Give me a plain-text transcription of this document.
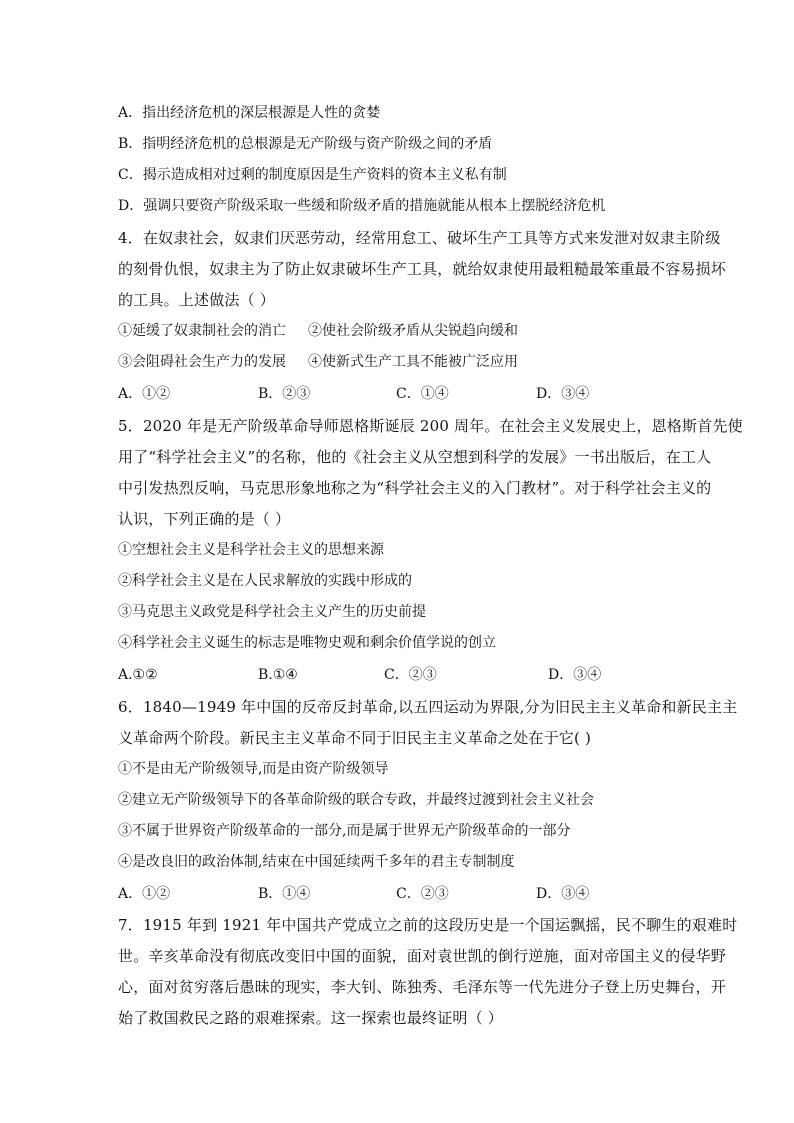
A．指出经济危机的深层根源是人性的贪婪
B．指明经济危机的总根源是无产阶级与资产阶级之间的矛盾
C．揭示造成相对过剩的制度原因是生产资料的资本主义私有制
D．强调只要资产阶级采取一些缓和阶级矛盾的措施就能从根本上摆脱经济危机
4．在奴隶社会，奴隶们厌恶劳动，经常用怠工、破坏生产工具等方式来发泄对奴隶主阶级
的刻骨仇恨，奴隶主为了防止奴隶破坏生产工具，就给奴隶使用最粗糙最笨重最不容易损坏
的工具。上述做法（ ）
①延缓了奴隶制社会的消亡 ②使社会阶级矛盾从尖锐趋向缓和
③会阻碍社会生产力的发展 ④使新式生产工具不能被广泛应用
A．①②	B．②③	C．①④	D．③④
5．2020 年是无产阶级革命导师恩格斯诞辰 200 周年。在社会主义发展史上，恩格斯首先使
用了“科学社会主义”的名称，他的《社会主义从空想到科学的发展》一书出版后，在工人
中引发热烈反响，马克思形象地称之为“科学社会主义的入门教材”。对于科学社会主义的
认识，下列正确的是（ ）
①空想社会主义是科学社会主义的思想来源
②科学社会主义是在人民求解放的实践中形成的
③马克思主义政党是科学社会主义产生的历史前提
④科学社会主义诞生的标志是唯物史观和剩余价值学说的创立
A.①②	B.①④	C．②③	D．③④
6．1840—1949 年中国的反帝反封革命,以五四运动为界限,分为旧民主主义革命和新民主主
义革命两个阶段。新民主主义革命不同于旧民主主义革命之处在于它( )
①不是由无产阶级领导,而是由资产阶级领导
②建立无产阶级领导下的各革命阶级的联合专政，并最终过渡到社会主义社会
③不属于世界资产阶级革命的一部分,而是属于世界无产阶级革命的一部分
④是改良旧的政治体制,结束在中国延续两千多年的君主专制制度
A．①②	B．①④	C．②③	D．③④
7．1915 年到 1921 年中国共产党成立之前的这段历史是一个国运飘摇，民不聊生的艰难时
世。辛亥革命没有彻底改变旧中国的面貌，面对袁世凯的倒行逆施，面对帝国主义的侵华野
心，面对贫穷落后愚昧的现实，李大钊、陈独秀、毛泽东等一代先进分子登上历史舞台，开
始了救国救民之路的艰难探索。这一探索也最终证明（ ）
